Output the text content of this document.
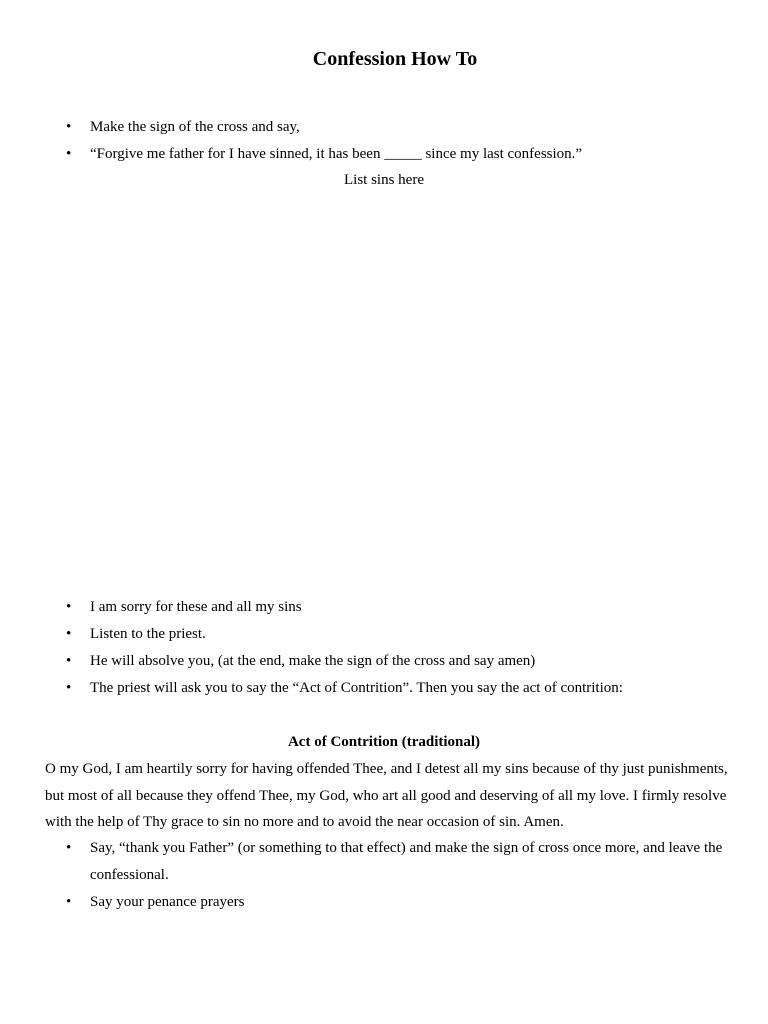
Confession How To
• Make the sign of the cross and say,
• “Forgive me father for I have sinned, it has been _____ since my last confession.”
List sins here
• I am sorry for these and all my sins
• Listen to the priest.
• He will absolve you, (at the end, make the sign of the cross and say amen)
• The priest will ask you to say the “Act of Contrition”. Then you say the act of contrition:
Act of Contrition (traditional)
O my God, I am heartily sorry for having offended Thee, and I detest all my sins because of thy just punishments, but most of all because they offend Thee, my God, who art all good and deserving of all my love. I firmly resolve with the help of Thy grace to sin no more and to avoid the near occasion of sin. Amen.
• Say, “thank you Father” (or something to that effect) and make the sign of cross once more, and leave the confessional.
• Say your penance prayers
